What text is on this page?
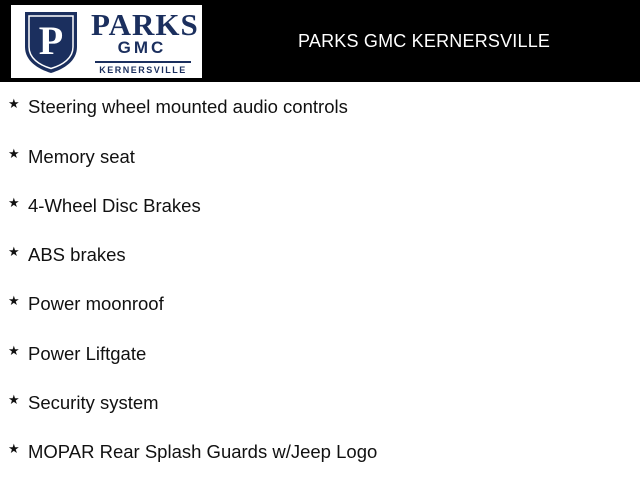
P PARKS
GMC
KERNERSVILLE
PARKS GMC KERNERSVILLE
★ Steering wheel mounted audio controls
★ Memory seat
★ 4-Wheel Disc Brakes
★ ABS brakes
★ Power moonroof
★ Power Liftgate
★ Security system
★ MOPAR Rear Splash Guards w/Jeep Logo
